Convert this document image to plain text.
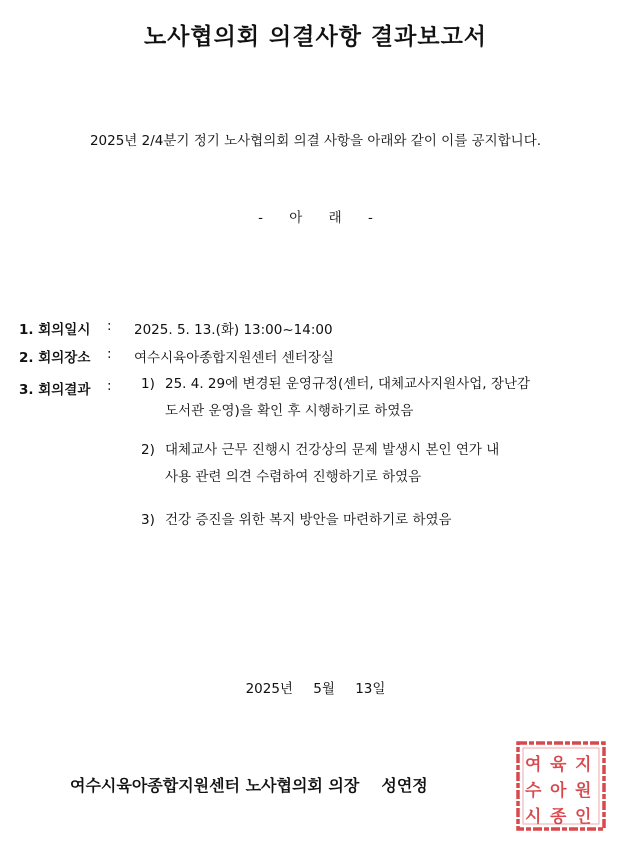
노사협의회 의결사항 결과보고서
2025년 2/4분기 정기 노사협의회 의결 사항을 아래와 같이 이를 공지합니다.
- 아 래 -
1. 회의일시 : 2025. 5. 13.(화) 13:00~14:00
2. 회의장소 : 여수시육아종합지원센터 센터장실
3. 회의결과 : 1) 25. 4. 29에 변경된 운영규정(센터, 대체교사지원사업, 장난감
도서관 운영)을 확인 후 시행하기로 하였음
2) 대체교사 근무 진행시 건강상의 문제 발생시 본인 연가 내
사용 관련 의견 수렴하여 진행하기로 하였음
3) 건강 증진을 위한 복지 방안을 마련하기로 하였음
2025년 5월 13일
여 육 지
수 아 원
시 종 인
여수시육아종합지원센터 노사협의회 의장 성연정
